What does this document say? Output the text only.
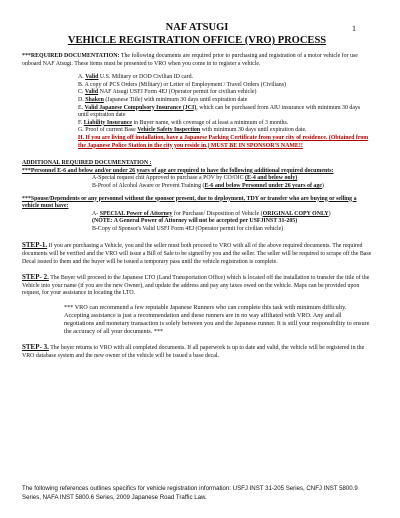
1
NAF ATSUGI
VEHICLE REGISTRATION OFFICE (VRO) PROCESS

***REQUIRED DOCUMENTATION: The following documents are required prior to purchasing and registration of a motor vehicle for use onboard NAF Atsugi. These items must be presented to VRO when you come in to register a vehicle.

A. Valid U.S. Military or DOD Civilian ID card.

B. A copy of PCS Orders (Military) or Letter of Employment / Travel Orders (Civilians)

C. Valid NAF Atsugi USFJ Form 4EJ (Operator permit for civilian vehicle)

D. Shaken (Japanese Title) with minimum 30 days until expiration date

E. Valid Japanese Compulsory Insurance (JCI), which can be purchased from AIU insurance with minimum 30 days until expiration date

F. Liability Insurance in Buyer name, with coverage of at least a minimum of 3 months.

G. Proof of current Base Vehicle Safety Inspection with minimum 30 days until expiration date.

H. If you are living off installation, have a Japanese Parking Certificate from your city of residence. (Obtained from the Japanese Police Station in the city you reside in.) MUST BE IN SPONSOR'S NAME!!

ADDITIONAL REQUIRED DOCUMENTATION :

***Personnel E-6 and below and/or under 26 years of age are required to have the following additional required documents:

A-Special request chit Approved to purchase a POV by CO/OIC (E-4 and below only)

B-Proof of Alcohol Aware or Prevent Training (E-6 and below Personnel under 26 years of age)

***Spouse/Dependents or any personnel without the sponsor present, due to deployment, TDY or transfer who are buying or selling a vehicle must have:

A- SPECIAL Power of Attorney for Purchase/ Disposition of Vehicle (ORIGINAL COPY ONLY)

(NOTE: A General Power of Attorney will not be accepted per USFJINST 31-205)

B-Copy of Sponsor's Valid USFJ Form 4EJ (Operator permit for civilian vehicle)

STEP-1. If you are purchasing a Vehicle, you and the seller must both proceed to VRO with all of the above required documents. The required documents will be verified and the VRO will issue a Bill of Sale to be signed by you and the seller. The seller will be required to scrape off the Base Decal issued to them and the buyer will be issued a temporary pass until the vehicle registration is complete.

STEP- 2. The Buyer will proceed to the Japanese LTO (Land Transportation Office) which is located off the installation to transfer the title of the Vehicle into your name (if you are the new Owner), and update the address and pay any taxes owed on the vehicle. Maps can be provided upon request, for your assistance in locating the LTO.

*** VRO can recommend a few reputable Japanese Runners who can complete this task with minimum difficulty. Accepting assistance is just a recommendation and these runners are in no way affiliated with VRO. Any and all negotiations and monetary transaction is solely between you and the Japanese runner. It is still your responsibility to ensure the accuracy of all your documents. ***

STEP- 3. The buyer returns to VRO with all completed documents. If all paperwork is up to date and valid, the vehicle will be registered in the VRO database system and the new owner of the vehicle will be issued a base decal.

The following references outlines specifics for vehicle registration information: USFJ INST 31-205 Series, CNFJ INST 5800.9 Series, NAFA INST 5800.6 Series, 2009 Japanese Road Traffic Law.
